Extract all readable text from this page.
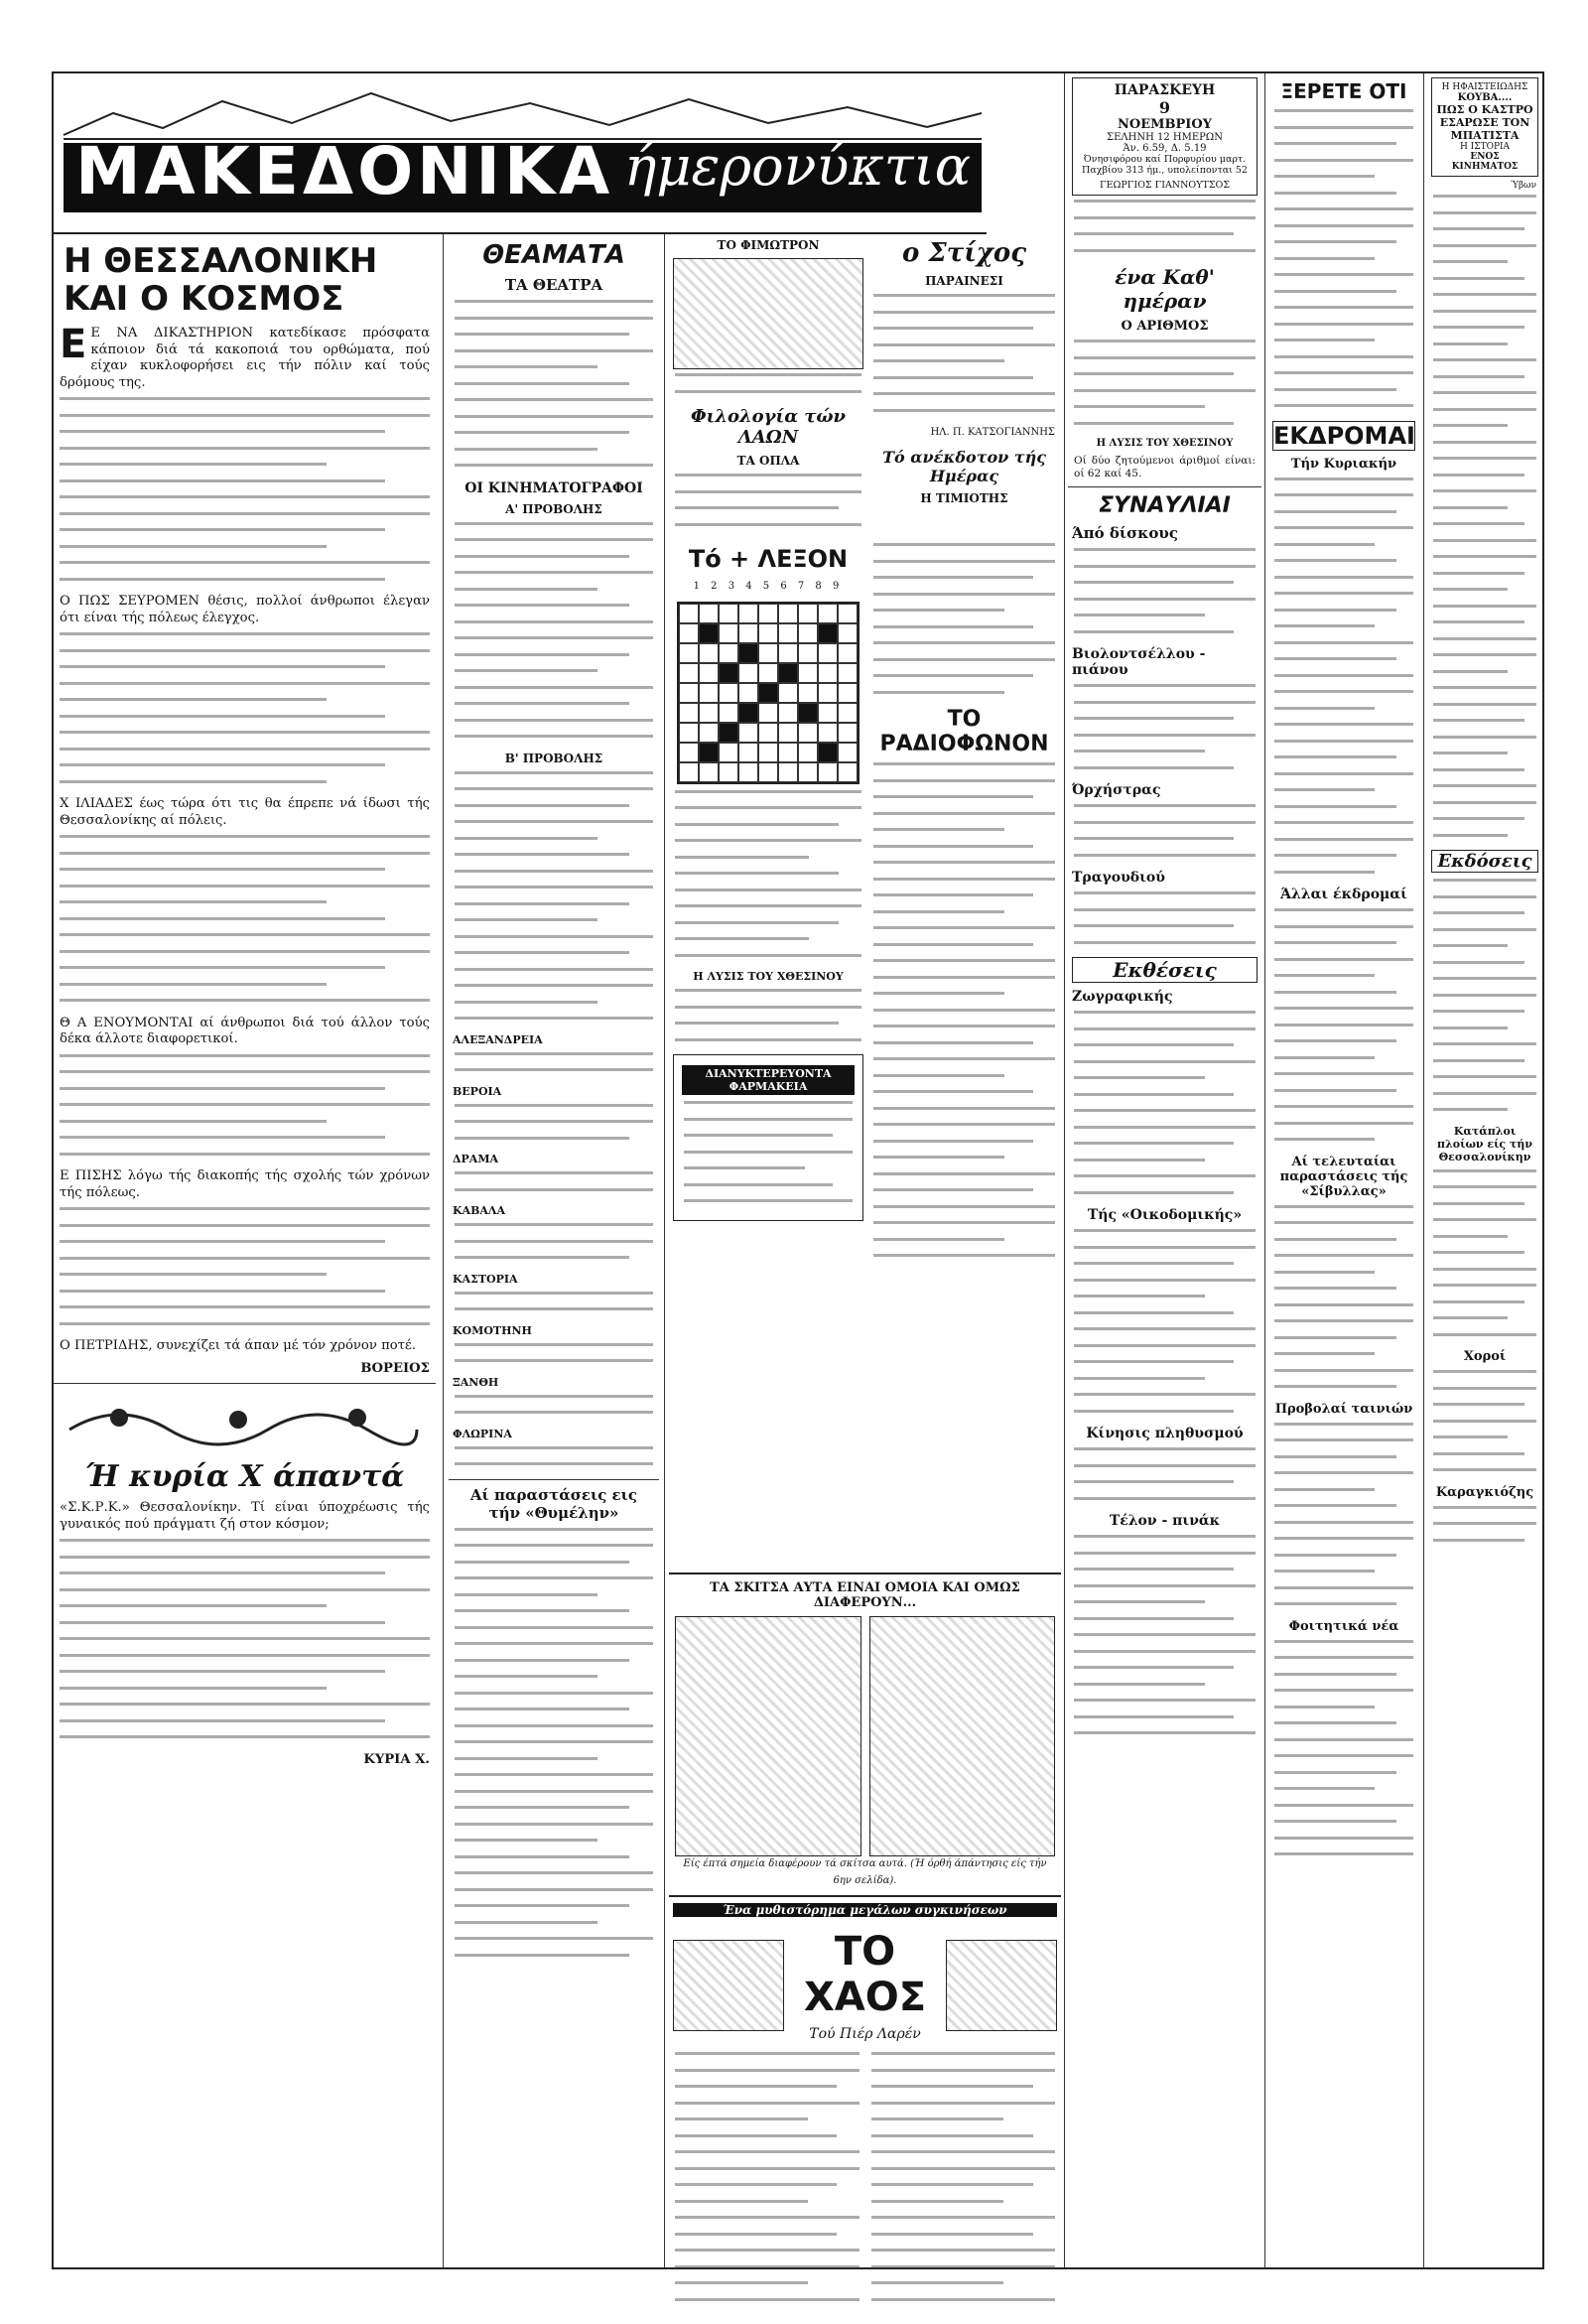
ΜΑΚΕΔΟΝΙΚΑ ήμερονύκτια
Η ΘΕΣΣΑΛΟΝΙΚΗ ΚΑΙ Ο ΚΟΣΜΟΣ
Ε Ε ΝΑ ΔΙΚΑΣΤΗΡΙΟΝ κατεδίκασε πρόσφατα κάποιον διά τά κακοποιά του ορθώματα, πού είχαν κυκλοφορήσει εις τήν πόλιν καί τούς δρόμους της.
Ο ΠΩΣ ΣΕΥΡΟΜΕΝ θέσις, πολλοί άνθρωποι έλεγαν ότι είναι τής πόλεως έλεγχος.
Χ ΙΛΙΑΔΕΣ έως τώρα ότι τις θα έπρεπε νά ίδωσι τής Θεσσαλονίκης αί πόλεις.
Θ Α ΕΝΟΥΜΟΝΤΑΙ αί άνθρωποι διά τού άλλον τούς δέκα άλλοτε διαφορετικοί.
Ε ΠΙΣΗΣ λόγω τής διακοπής τής σχολής τών χρόνων τής πόλεως.
Ο ΠΕΤΡΙΔΗΣ, συνεχίζει τά άπαν μέ τόν χρόνον ποτέ.
ΒΟΡΕΙΟΣ
Ή κυρία Χ άπαντά
«Σ.Κ.Ρ.Κ.» Θεσσαλονίκην. Τί είναι ύποχρέωσις τής γυναικός πού πράγματι ζή στον κόσμον;
ΚΥΡΙΑ Χ.
ΘΕΑΜΑΤΑ
ΤΑ ΘΕΑΤΡΑ
ΟΙ ΚΙΝΗΜΑΤΟΓΡΑΦΟΙ
Α' ΠΡΟΒΟΛΗΣ
Β' ΠΡΟΒΟΛΗΣ
ΑΛΕΞΑΝΔΡΕΙΑ
ΒΕΡΟΙΑ
ΔΡΑΜΑ
ΚΑΒΑΛΑ
ΚΑΣΤΟΡΙΑ
ΚΟΜΟΤΗΝΗ
ΞΑΝΘΗ
ΦΛΩΡΙΝΑ
Αί παραστάσεις εις τήν «Θυμέλην»
ΤΟ ΦΙΜΩΤΡΟΝ
Φιλολογία τών ΛΑΩΝ
ΤΑ ΟΠΛΑ
ο Στίχος
ΠΑΡΑΙΝΕΣΙ
ΗΛ. Π. ΚΑΤΣΟΓΙΑΝΝΗΣ
Τό ανέκδοτον τής Ημέρας
Η ΤΙΜΙΟΤΗΣ
Τό + ΛΕΞΟΝ
1 2 3 4 5 6 7 8 9
Η ΛΥΣΙΣ ΤΟΥ ΧΘΕΣΙΝΟΥ
ΔΙΑΝΥΚΤΕΡΕΥΟΝΤΑ ΦΑΡΜΑΚΕΙΑ
ΤΟ ΡΑΔΙΟΦΩΝΟΝ
ΤΑ ΣΚΙΤΣΑ ΑΥΤΑ ΕΙΝΑΙ ΟΜΟΙΑ ΚΑΙ ΟΜΩΣ ΔΙΑΦΕΡΟΥΝ...
Είς έπτά σημεία διαφέρουν τά σκίτσα αυτά. (Ή όρθή άπάντησις είς τήν 6ην σελίδα).
Ένα μυθιστόρημα μεγάλων συγκινήσεων
ΤΟ ΧΑΟΣ
Τού Πιέρ Λαρέν
ΠΑΡΑΣΚΕΥΗ
9
ΝΟΕΜΒΡΙΟΥ
ΣΕΛΗΝΗ 12 ΗΜΕΡΩΝ
Άν. 6.59, Δ. 5.19
Όνησιφόρου καί Πορφυρίου μαρτ. Παχβίου 313 ήμ., υπολείπονται 52
ΓΕΩΡΓΙΟΣ ΓΙΑΝΝΟΥΤΣΟΣ
ένα Καθ' ημέραν
Ο ΑΡΙΘΜΟΣ
Η ΛΥΣΙΣ ΤΟΥ ΧΘΕΣΙΝΟΥ
Οί δύο ζητούμενοι άριθμοί είναι: οί 62 καί 45.
ΣΥΝΑΥΛΙΑΙ
Άπό δίσκους
Βιολοντσέλλου - πιάνου
Όρχήστρας
Τραγουδιού
Εκθέσεις
Ζωγραφικής
Τής «Οικοδομικής»
Κίνησις πληθυσμού
Τέλον - πινάκ
ΞΕΡΕΤΕ ΟΤΙ
ΕΚΔΡΟΜΑΙ
Τήν Κυριακήν
Άλλαι έκδρομαί
Αί τελευταίαι παραστάσεις τής «Σίβυλλας»
Προβολαί ταινιών
Φοιτητικά νέα
Η ΗΦΑΙΣΤΕΙΩΔΗΣ
ΚΟΥΒΑ....
ΠΩΣ Ο ΚΑΣΤΡΟ ΕΣΑΡΩΣΕ ΤΟΝ ΜΠΑΤΙΣΤΑ
Η ΙΣΤΟΡΙΑ
ΕΝΟΣ ΚΙΝΗΜΑΤΟΣ
Ύβων
Εκδόσεις
Κατάπλοι πλοίων είς τήν Θεσσαλονίκην
Χοροί
Καραγκιόζης
